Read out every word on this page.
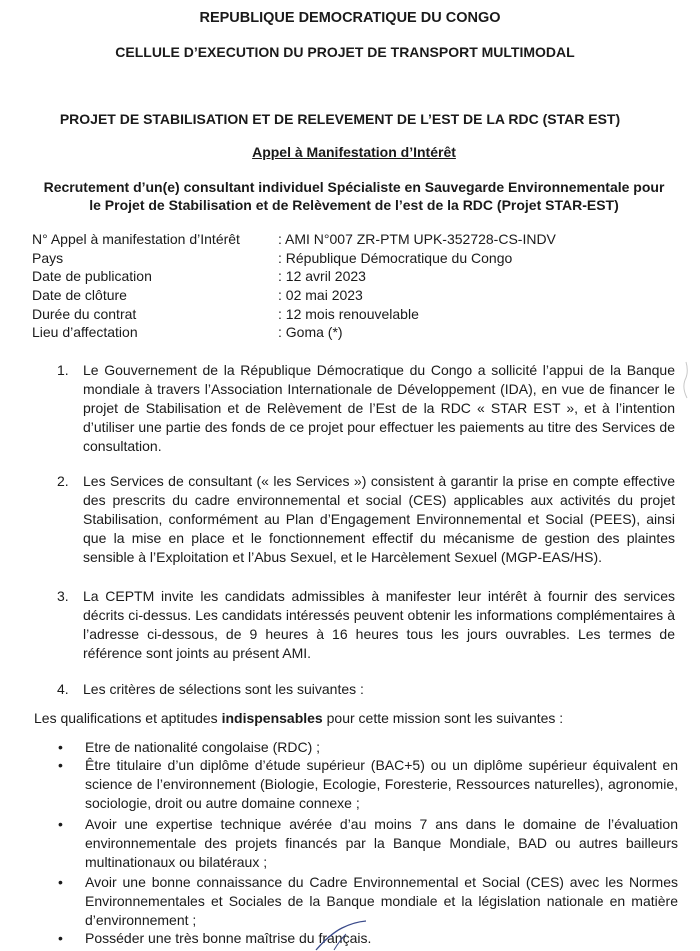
REPUBLIQUE DEMOCRATIQUE DU CONGO
CELLULE D’EXECUTION DU PROJET DE TRANSPORT MULTIMODAL
PROJET DE STABILISATION ET DE RELEVEMENT DE L’EST DE LA RDC (STAR EST)
Appel à Manifestation d’Intérêt
Recrutement d’un(e) consultant individuel Spécialiste en Sauvegarde Environnementale pour
le Projet de Stabilisation et de Relèvement de l’est de la RDC (Projet STAR-EST)
N° Appel à manifestation d’Intérêt	: AMI N°007 ZR-PTM UPK-352728-CS-INDV
Pays	: République Démocratique du Congo
Date de publication	: 12 avril 2023
Date de clôture	: 02 mai 2023
Durée du contrat	: 12 mois renouvelable
Lieu d’affectation	: Goma (*)
1. Le Gouvernement de la République Démocratique du Congo a sollicité l’appui de la Banque mondiale à travers l’Association Internationale de Développement (IDA), en vue de financer le projet de Stabilisation et de Relèvement de l’Est de la RDC « STAR EST », et à l’intention d’utiliser une partie des fonds de ce projet pour effectuer les paiements au titre des Services de consultation.
2. Les Services de consultant (« les Services ») consistent à garantir la prise en compte effective des prescrits du cadre environnemental et social (CES) applicables aux activités du projet Stabilisation, conformément au Plan d’Engagement Environnemental et Social (PEES), ainsi que la mise en place et le fonctionnement effectif du mécanisme de gestion des plaintes sensible à l’Exploitation et l’Abus Sexuel, et le Harcèlement Sexuel (MGP-EAS/HS).
3. La CEPTM invite les candidats admissibles à manifester leur intérêt à fournir des services décrits ci-dessus. Les candidats intéressés peuvent obtenir les informations complémentaires à l’adresse ci-dessous, de 9 heures à 16 heures tous les jours ouvrables. Les termes de référence sont joints au présent AMI.
4. Les critères de sélections sont les suivantes :
Les qualifications et aptitudes indispensables pour cette mission sont les suivantes :
• Etre de nationalité congolaise (RDC) ;
• Être titulaire d’un diplôme d’étude supérieur (BAC+5) ou un diplôme supérieur équivalent en science de l’environnement (Biologie, Ecologie, Foresterie, Ressources naturelles), agronomie, sociologie, droit ou autre domaine connexe ;
• Avoir une expertise technique avérée d’au moins 7 ans dans le domaine de l’évaluation environnementale des projets financés par la Banque Mondiale, BAD ou autres bailleurs multinationaux ou bilatéraux ;
• Avoir une bonne connaissance du Cadre Environnemental et Social (CES) avec les Normes Environnementales et Sociales de la Banque mondiale et la législation nationale en matière d’environnement ;
• Posséder une très bonne maîtrise du français.
